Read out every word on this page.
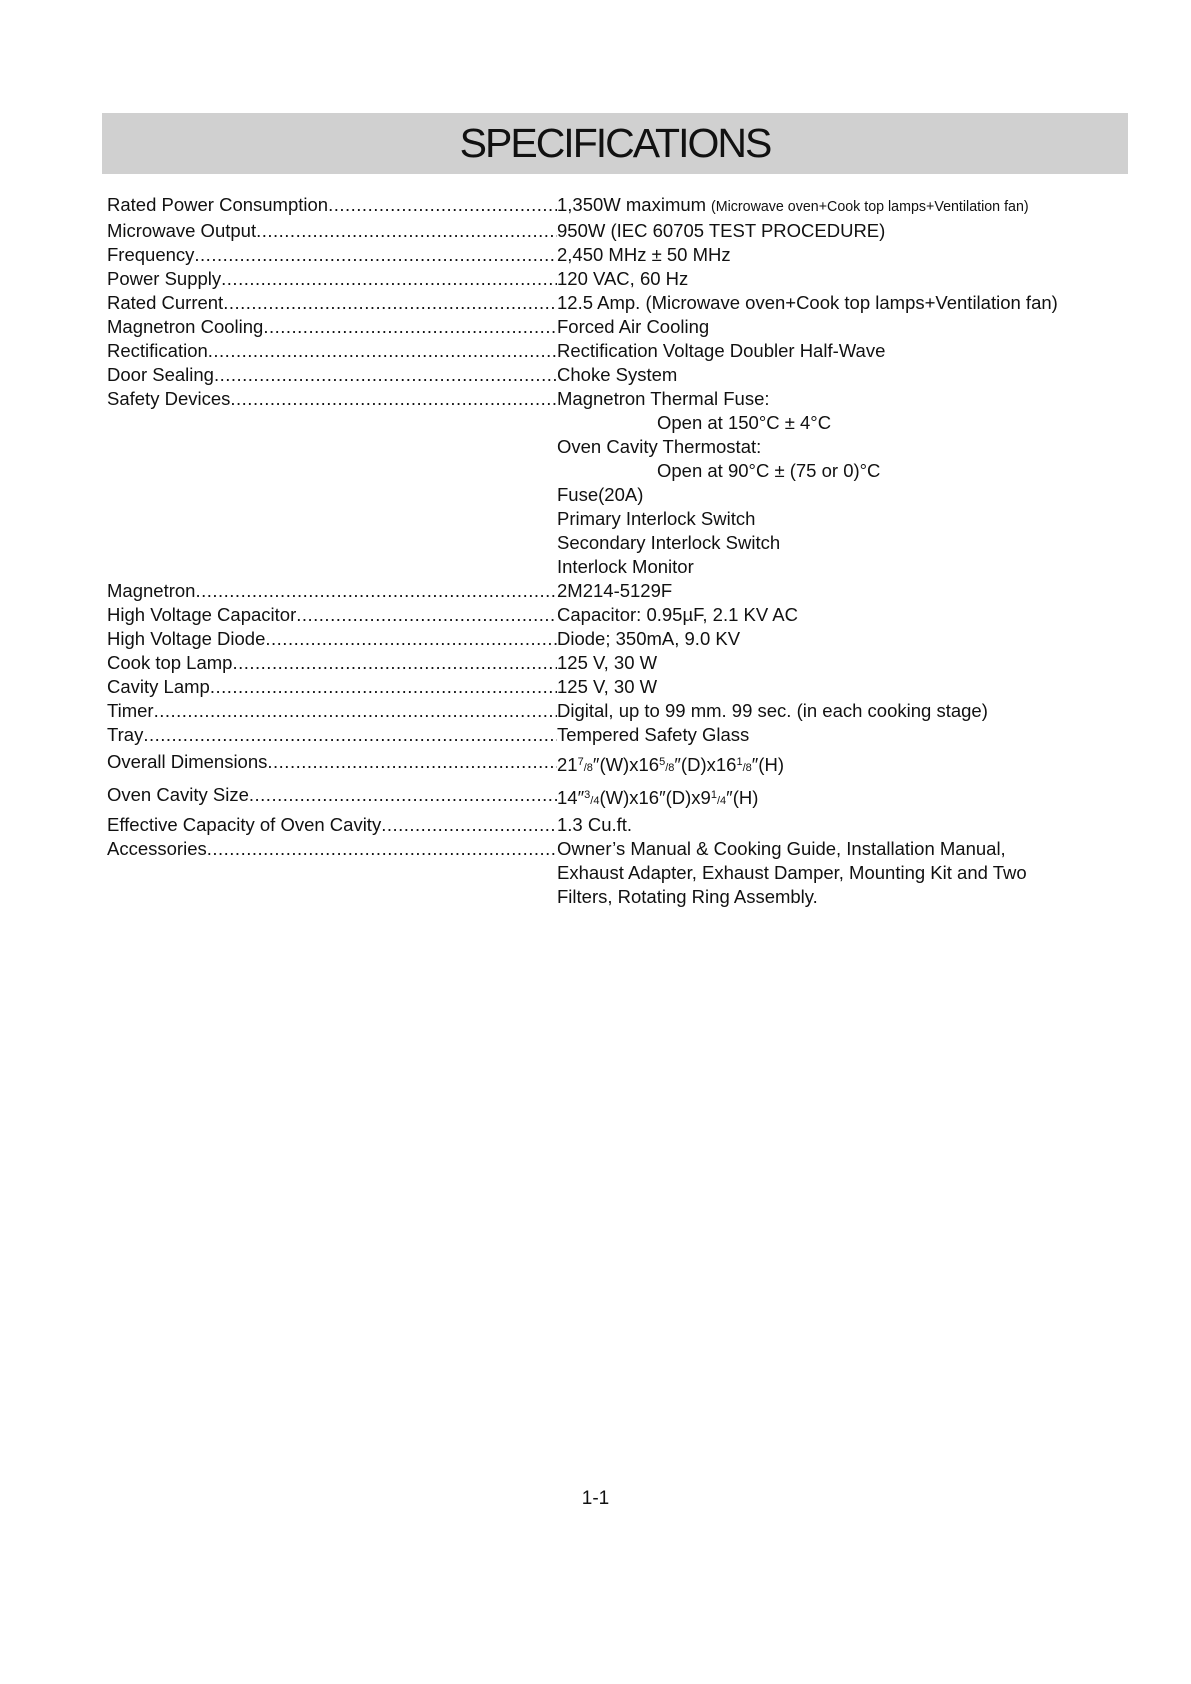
SPECIFICATIONS
Rated Power Consumption .....	1,350W maximum (Microwave oven+Cook top lamps+Ventilation fan)
Microwave Output .....	950W (IEC 60705 TEST PROCEDURE)
Frequency .....	2,450 MHz ± 50 MHz
Power Supply .....	120 VAC, 60 Hz
Rated Current .....	12.5 Amp. (Microwave oven+Cook top lamps+Ventilation fan)
Magnetron Cooling .....	Forced Air Cooling
Rectification .....	Rectification Voltage Doubler Half-Wave
Door Sealing .....	Choke System
Safety Devices .....	Magnetron Thermal Fuse:
Open at 150°C ± 4°C
Oven Cavity Thermostat:
Open at 90°C ± (75 or 0)°C
Fuse(20A)
Primary Interlock Switch
Secondary Interlock Switch
Interlock Monitor
Magnetron .....	2M214-5129F
High Voltage Capacitor .....	Capacitor: 0.95µF, 2.1 KV AC
High Voltage Diode .....	Diode; 350mA, 9.0 KV
Cook top Lamp .....	125 V, 30 W
Cavity Lamp .....	125 V, 30 W
Timer .....	Digital, up to 99 mm. 99 sec. (in each cooking stage)
Tray .....	Tempered Safety Glass
Overall Dimensions .....	$21^7/8''(W)x16^5/8''(D)x16^1/8''(H)$
Oven Cavity Size .....	$14''^3/4(W)x16''(D)x9^1/4''(H)$
Effective Capacity of Oven Cavity .....	1.3 Cu.ft.
Accessories .....	Owner’s Manual & Cooking Guide, Installation Manual,
Exhaust Adapter, Exhaust Damper, Mounting Kit and Two
Filters, Rotating Ring Assembly.
1-1
